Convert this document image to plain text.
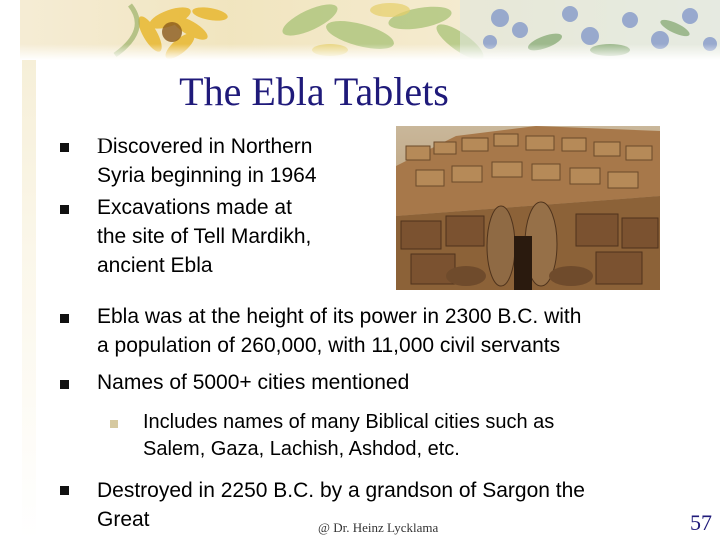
The Ebla Tablets
Discovered in Northern
Syria beginning in 1964
Excavations made at
the site of Tell Mardikh,
ancient Ebla
Ebla was at the height of its power in 2300 B.C. with
a population of 260,000, with 11,000 civil servants
Names of 5000+ cities mentioned
Includes names of many Biblical cities such as
Salem, Gaza, Lachish, Ashdod, etc.
Destroyed in 2250 B.C. by a grandson of Sargon the
Great	@ Dr. Heinz Lycklama	57
